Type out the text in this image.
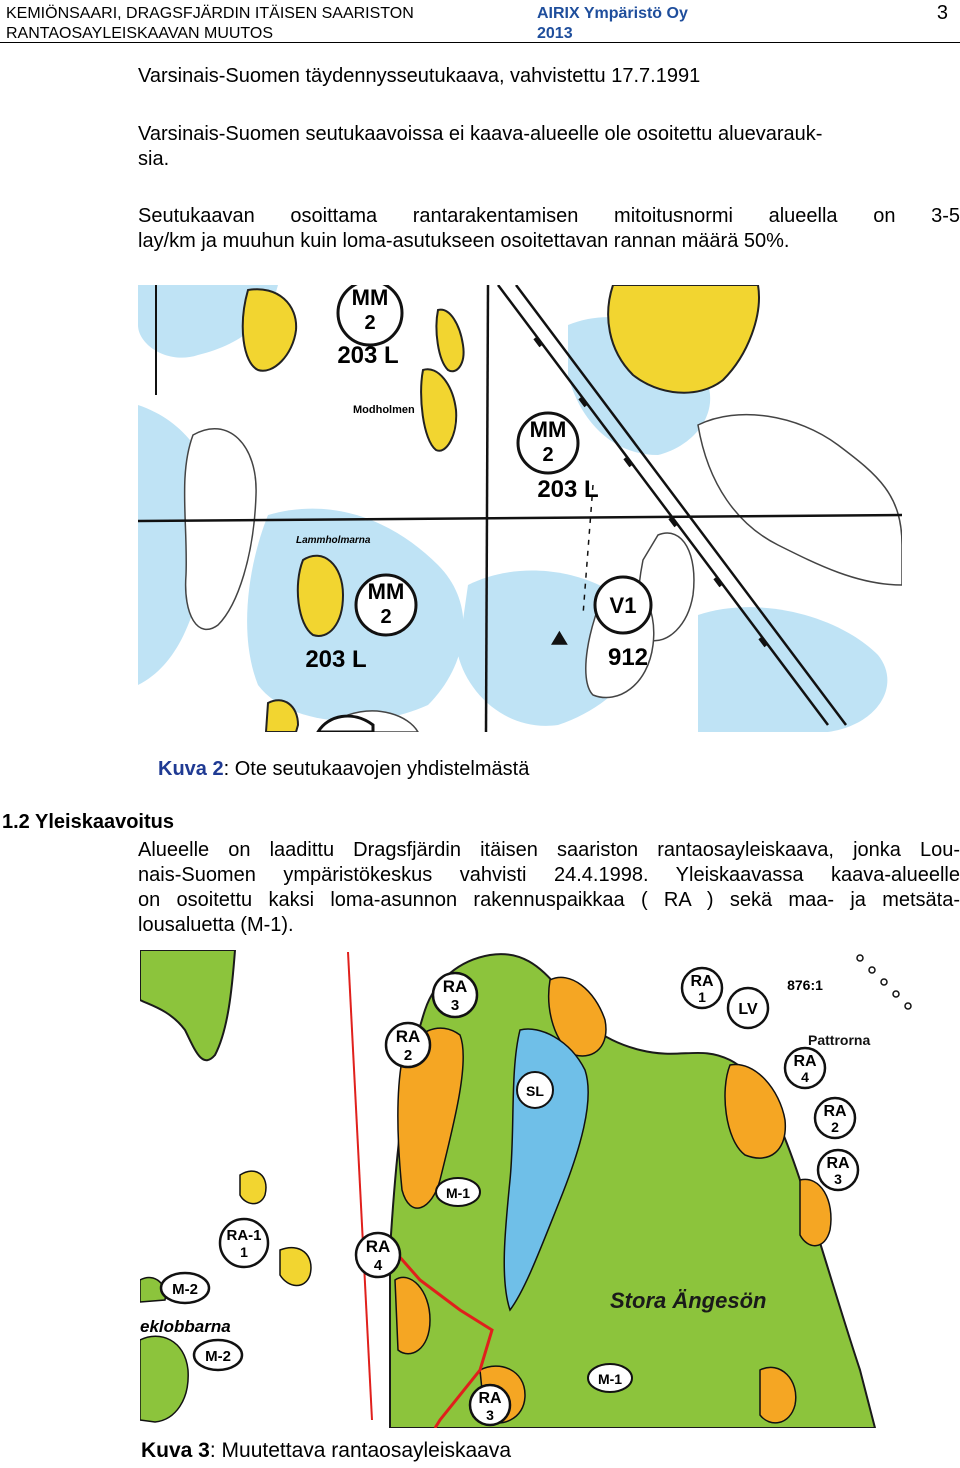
KEMIÖNSAARI, DRAGSFJÄRDIN ITÄISEN SAARISTON
RANTAOSAYLEISKAAVAN MUUTOS
AIRIX Ympäristö Oy
2013
3
Varsinais-Suomen täydennysseutukaava, vahvistettu 17.7.1991
Varsinais-Suomen seutukaavoissa ei kaava-alueelle ole osoitettu aluevarauk-
sia.
Seutukaavan osoittama rantarakentamisen mitoitusnormi alueella on 3-5
lay/km ja muuhun kuin loma-asutukseen osoitettavan rannan määrä 50%.
MM
2
203 L
MM
2
203 L
MM
2
203 L
V1
912
Modholmen
Lammholmarna
Kuva 2: Ote seutukaavojen yhdistelmästä
1.2 Yleiskaavoitus
Alueelle on laadittu Dragsfjärdin itäisen saariston rantaosayleiskaava, jonka Lou-
nais-Suomen ympäristökeskus vahvisti 24.4.1998. Yleiskaavassa kaava-alueelle
on osoitettu kaksi loma-asunnon rakennuspaikkaa ( RA ) sekä maa- ja metsäta-
lousaluetta (M-1).
RA
3
RA
2
RA
1
LV
876:1
RA
4
RA
3
RA
2
RA
4
RA
3
RA-1
1
M-2
M-2
M-1
M-1
SL
Pattrorna
Stora Ängesön
eklobbarna
Kuva 3: Muutettava rantaosayleiskaava
